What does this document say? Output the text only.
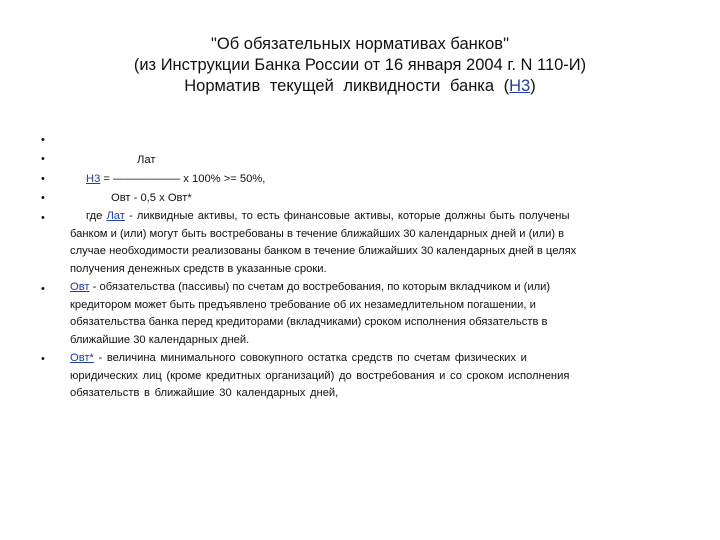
"Об обязательных нормативах банков"
(из Инструкции Банка России от 16 января 2004 г. N 110-И)
Норматив текущей ликвидности банка (Н3)
•
•
•
•
•
•
•
Лат
Н3 = —————— х 100% >= 50%,
Овт - 0,5 х Овт*
где Лат - ликвидные активы, то есть финансовые активы, которые должны быть получены
банком и (или) могут быть востребованы в течение ближайших 30 календарных дней и (или) в
случае необходимости реализованы банком в течение ближайших 30 календарных дней в целях
получения денежных средств в указанные сроки.
Овт - обязательства (пассивы) по счетам до востребования, по которым вкладчиком и (или)
кредитором может быть предъявлено требование об их незамедлительном погашении, и
обязательства банка перед кредиторами (вкладчиками) сроком исполнения обязательств в
ближайшие 30 календарных дней.
Овт* - величина минимального совокупного остатка средств по счетам физических и
юридических лиц (кроме кредитных организаций) до востребования и со сроком исполнения
обязательств в ближайшие 30 календарных дней,
